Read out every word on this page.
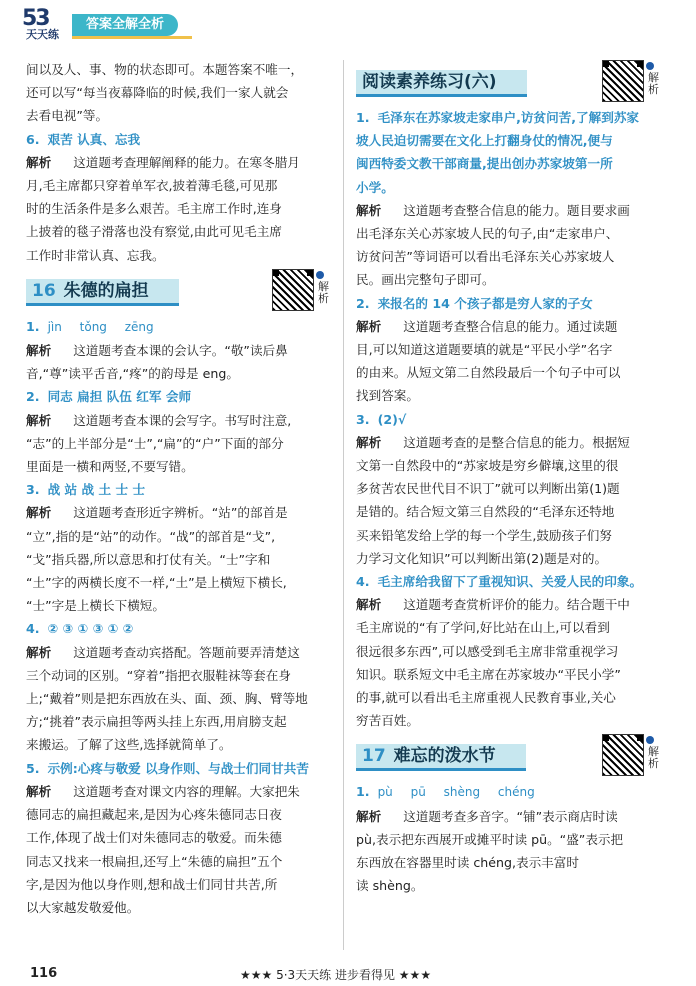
53
天天练
答案全解全析

间以及人、事、物的状态即可。本题答案不唯一，

还可以写“每当夜幕降临的时候,我们一家人就会

去看电视”等。

6. 艰苦 认真、忘我

解析 这道题考查理解阐释的能力。在寒冬腊月

月,毛主席都只穿着单军衣,披着薄毛毯,可见那

时的生活条件是多么艰苦。毛主席工作时,连身

上披着的毯子滑落也没有察觉,由此可见毛主席

工作时非常认真、忘我。

16 朱德的扁担	解析

1. jìn tǒng zēng

解析 这道题考查本课的会认字。“敬”读后鼻

音,“尊”读平舌音,“疼”的韵母是 eng。

2. 同志 扁担 队伍 红军 会师

解析 这道题考查本课的会写字。书写时注意,

“志”的上半部分是“士”,“扁”的“户”下面的部分

里面是一横和两竖,不要写错。

3. 战 站 战 土 士 士

解析 这道题考查形近字辨析。“站”的部首是

“立”,指的是“站”的动作。“战”的部首是“戈”,

“戈”指兵器,所以意思和打仗有关。“士”字和

“土”字的两横长度不一样,“土”是上横短下横长,

“士”字是上横长下横短。

4. ② ③ ① ③ ① ②

解析 这道题考查动宾搭配。答题前要弄清楚这

三个动词的区别。“穿着”指把衣服鞋袜等套在身

上;“戴着”则是把东西放在头、面、颈、胸、臂等地

方;“挑着”表示扁担等两头挂上东西,用肩膀支起

来搬运。了解了这些,选择就简单了。

5. 示例:心疼与敬爱 以身作则、与战士们同甘共苦

解析 这道题考查对课文内容的理解。大家把朱

德同志的扁担藏起来,是因为心疼朱德同志日夜

工作,体现了战士们对朱德同志的敬爱。而朱德

同志又找来一根扁担,还写上“朱德的扁担”五个

字,是因为他以身作则,想和战士们同甘共苦,所

以大家越发敬爱他。

阅读素养练习(六)	解析

1. 毛泽东在苏家坡走家串户,访贫问苦,了解到苏家

坡人民迫切需要在文化上打翻身仗的情况,便与

闽西特委文教干部商量,提出创办苏家坡第一所

小学。

解析 这道题考查整合信息的能力。题目要求画

出毛泽东关心苏家坡人民的句子,由“走家串户、

访贫问苦”等词语可以看出毛泽东关心苏家坡人

民。画出完整句子即可。

2. 来报名的 14 个孩子都是穷人家的子女

解析 这道题考查整合信息的能力。通过读题

目,可以知道这道题要填的就是“平民小学”名字

的由来。从短文第二自然段最后一个句子中可以

找到答案。

3. (2)√

解析 这道题考查的是整合信息的能力。根据短

文第一自然段中的“苏家坡是穷乡僻壤,这里的很

多贫苦农民世代目不识丁”就可以判断出第(1)题

是错的。结合短文第三自然段的“毛泽东还特地

买来铅笔发给上学的每一个学生,鼓励孩子们努

力学习文化知识”可以判断出第(2)题是对的。

4. 毛主席给我留下了重视知识、关爱人民的印象。

解析 这道题考查赏析评价的能力。结合题干中

毛主席说的“有了学问,好比站在山上,可以看到

很远很多东西”,可以感受到毛主席非常重视学习

知识。联系短文中毛主席在苏家坡办“平民小学”

的事,就可以看出毛主席重视人民教育事业,关心

穷苦百姓。

17 难忘的泼水节	解析

1. pù pū shèng chéng

解析 这道题考查多音字。“铺”表示商店时读

pù,表示把东西展开或摊平时读 pū。“盛”表示把

东西放在容器里时读 chéng,表示丰富时

读 shèng。

116	★★★ 5·3天天练 进步看得见 ★★★
